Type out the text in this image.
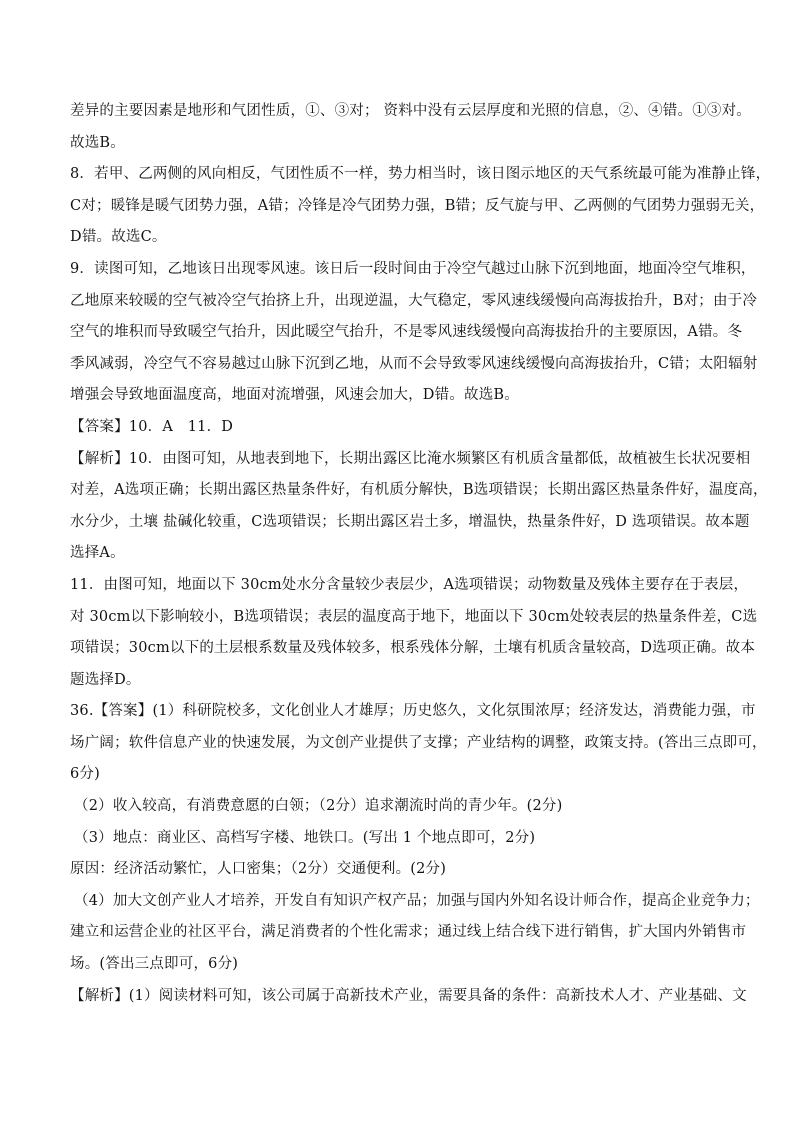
差异的主要因素是地形和气团性质，①、③对； 资料中没有云层厚度和光照的信息，②、④错。①③对。
故选B。
8．若甲、乙两侧的风向相反，气团性质不一样，势力相当时，该日图示地区的天气系统最可能为准静止锋，
C对；暖锋是暖气团势力强，A错；冷锋是冷气团势力强，B错；反气旋与甲、乙两侧的气团势力强弱无关，
D错。故选C。
9．读图可知，乙地该日出现零风速。该日后一段时间由于冷空气越过山脉下沉到地面，地面冷空气堆积，
乙地原来较暖的空气被冷空气抬挤上升，出现逆温，大气稳定，零风速线缓慢向高海拔抬升，B对；由于冷
空气的堆积而导致暖空气抬升，因此暖空气抬升，不是零风速线缓慢向高海拔抬升的主要原因，A错。冬
季风减弱，冷空气不容易越过山脉下沉到乙地，从而不会导致零风速线缓慢向高海拔抬升，C错；太阳辐射
增强会导致地面温度高，地面对流增强，风速会加大，D错。故选B。
【答案】10．A　11．D
【解析】10．由图可知，从地表到地下，长期出露区比淹水频繁区有机质含量都低，故植被生长状况要相
对差，A选项正确；长期出露区热量条件好，有机质分解快，B选项错误；长期出露区热量条件好，温度高，
水分少，土壤 盐碱化较重，C选项错误；长期出露区岩土多，增温快，热量条件好，D 选项错误。故本题
选择A。
11．由图可知，地面以下 30cm处水分含量较少表层少，A选项错误；动物数量及残体主要存在于表层，
对 30cm以下影响较小，B选项错误；表层的温度高于地下，地面以下 30cm处较表层的热量条件差，C选
项错误；30cm以下的土层根系数量及残体较多，根系残体分解，土壤有机质含量较高，D选项正确。故本
题选择D。
36.【答案】(1）科研院校多，文化创业人才雄厚；历史悠久，文化氛围浓厚；经济发达，消费能力强，市
场广阔；软件信息产业的快速发展，为文创产业提供了支撑；产业结构的调整，政策支持。(答出三点即可，
6分)
（2）收入较高，有消费意愿的白领；（2分）追求潮流时尚的青少年。(2分)
（3）地点：商业区、高档写字楼、地铁口。(写出 1 个地点即可，2分)
原因：经济活动繁忙，人口密集；（2分）交通便利。(2分)
（4）加大文创产业人才培养，开发自有知识产权产品；加强与国内外知名设计师合作，提高企业竞争力；
建立和运营企业的社区平台，满足消费者的个性化需求；通过线上结合线下进行销售，扩大国内外销售市
场。(答出三点即可，6分)
【解析】(1）阅读材料可知，该公司属于高新技术产业，需要具备的条件：高新技术人才、产业基础、文
